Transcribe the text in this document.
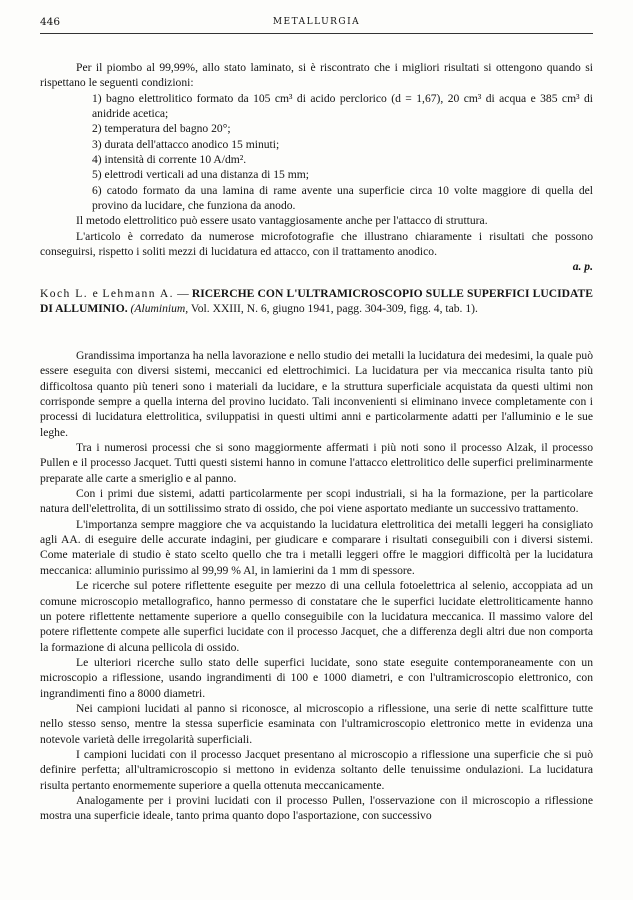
446	METALLURGIA

Per il piombo al 99,99%, allo stato laminato, si è riscontrato che i migliori risultati si ottengono quando si rispettano le seguenti condizioni:

1) bagno elettrolitico formato da 105 cm³ di acido perclorico (d = 1,67), 20 cm³ di acqua e 385 cm³ di anidride acetica;

2) temperatura del bagno 20°;

3) durata dell'attacco anodico 15 minuti;

4) intensità di corrente 10 A/dm².

5) elettrodi verticali ad una distanza di 15 mm;

6) catodo formato da una lamina di rame avente una superficie circa 10 volte maggiore di quella del provino da lucidare, che funziona da anodo.

Il metodo elettrolitico può essere usato vantaggiosamente anche per l'attacco di struttura.

L'articolo è corredato da numerose microfotografie che illustrano chiaramente i risultati che possono conseguirsi, rispetto i soliti mezzi di lucidatura ed attacco, con il trattamento anodico.

a. p.
Koch L. e Lehmann A. — RICERCHE CON L'ULTRAMICROSCOPIO SULLE SUPERFICI LUCIDATE DI ALLUMINIO. (Aluminium, Vol. XXIII, N. 6, giugno 1941, pagg. 304-309, figg. 4, tab. 1).

Grandissima importanza ha nella lavorazione e nello studio dei metalli la lucidatura dei medesimi, la quale può essere eseguita con diversi sistemi, meccanici ed elettrochimici. La lucidatura per via meccanica risulta tanto più difficoltosa quanto più teneri sono i materiali da lucidare, e la struttura superficiale acquistata da questi ultimi non corrisponde sempre a quella interna del provino lucidato. Tali inconvenienti si eliminano invece completamente con i processi di lucidatura elettrolitica, sviluppatisi in questi ultimi anni e particolarmente adatti per l'alluminio e le sue leghe.

Tra i numerosi processi che si sono maggiormente affermati i più noti sono il processo Alzak, il processo Pullen e il processo Jacquet. Tutti questi sistemi hanno in comune l'attacco elettrolitico delle superfici preliminarmente preparate alle carte a smeriglio e al panno.

Con i primi due sistemi, adatti particolarmente per scopi industriali, si ha la formazione, per la particolare natura dell'elettrolita, di un sottilissimo strato di ossido, che poi viene asportato mediante un successivo trattamento.

L'importanza sempre maggiore che va acquistando la lucidatura elettrolitica dei metalli leggeri ha consigliato agli AA. di eseguire delle accurate indagini, per giudicare e comparare i risultati conseguibili con i diversi sistemi. Come materiale di studio è stato scelto quello che tra i metalli leggeri offre le maggiori difficoltà per la lucidatura meccanica: alluminio purissimo al 99,99 % Al, in lamierini da 1 mm di spessore.

Le ricerche sul potere riflettente eseguite per mezzo di una cellula fotoelettrica al selenio, accoppiata ad un comune microscopio metallografico, hanno permesso di constatare che le superfici lucidate elettroliticamente hanno un potere riflettente nettamente superiore a quello conseguibile con la lucidatura meccanica. Il massimo valore del potere riflettente compete alle superfici lucidate con il processo Jacquet, che a differenza degli altri due non comporta la formazione di alcuna pellicola di ossido.

Le ulteriori ricerche sullo stato delle superfici lucidate, sono state eseguite contemporaneamente con un microscopio a riflessione, usando ingrandimenti di 100 e 1000 diametri, e con l'ultramicroscopio elettronico, con ingrandimenti fino a 8000 diametri.

Nei campioni lucidati al panno si riconosce, al microscopio a riflessione, una serie di nette scalfitture tutte nello stesso senso, mentre la stessa superficie esaminata con l'ultramicroscopio elettronico mette in evidenza una notevole varietà delle irregolarità superficiali.

I campioni lucidati con il processo Jacquet presentano al microscopio a riflessione una superficie che si può definire perfetta; all'ultramicroscopio si mettono in evidenza soltanto delle tenuissime ondulazioni. La lucidatura risulta pertanto enormemente superiore a quella ottenuta meccanicamente.

Analogamente per i provini lucidati con il processo Pullen, l'osservazione con il microscopio a riflessione mostra una superficie ideale, tanto prima quanto dopo l'asportazione, con successivo
